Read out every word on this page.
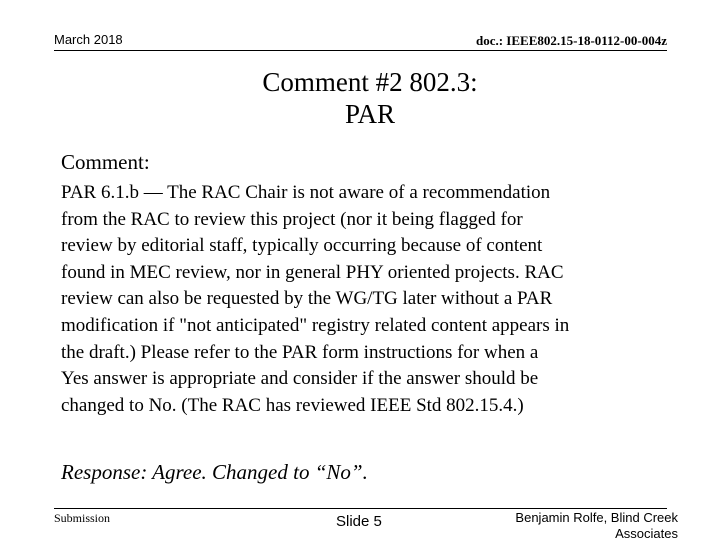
March 2018	doc.: IEEE802.15-18-0112-00-004z
Comment #2 802.3:
PAR
Comment:
PAR 6.1.b — The RAC Chair is not aware of a recommendation
from the RAC to review this project (nor it being flagged for
review by editorial staff, typically occurring because of content
found in MEC review, nor in general PHY oriented projects. RAC
review can also be requested by the WG/TG later without a PAR
modification if "not anticipated" registry related content appears in
the draft.) Please refer to the PAR form instructions for when a
Yes answer is appropriate and consider if the answer should be
changed to No. (The RAC has reviewed IEEE Std 802.15.4.)
Response: Agree. Changed to “No”.
Submission	Slide 5	Benjamin Rolfe, Blind Creek
Associates
